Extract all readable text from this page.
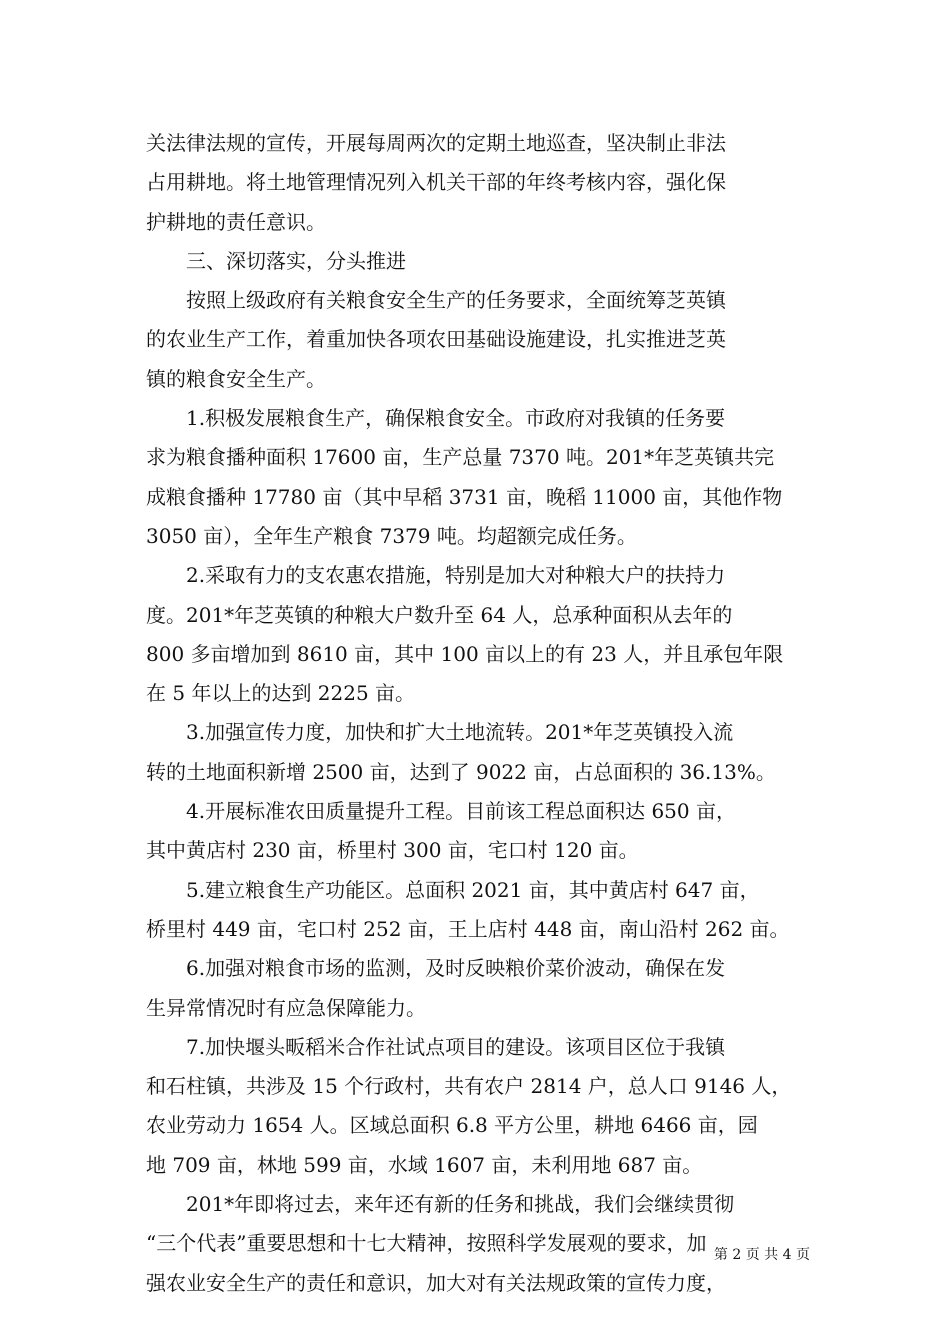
关法律法规的宣传，开展每周两次的定期土地巡查，坚决制止非法
占用耕地。将土地管理情况列入机关干部的年终考核内容，强化保
护耕地的责任意识。
三、深切落实，分头推进
按照上级政府有关粮食安全生产的任务要求，全面统筹芝英镇
的农业生产工作，着重加快各项农田基础设施建设，扎实推进芝英
镇的粮食安全生产。
1.积极发展粮食生产，确保粮食安全。市政府对我镇的任务要
求为粮食播种面积 17600 亩，生产总量 7370 吨。201*年芝英镇共完
成粮食播种 17780 亩（其中早稻 3731 亩，晚稻 11000 亩，其他作物
3050 亩），全年生产粮食 7379 吨。均超额完成任务。
2.采取有力的支农惠农措施，特别是加大对种粮大户的扶持力
度。201*年芝英镇的种粮大户数升至 64 人，总承种面积从去年的
800 多亩增加到 8610 亩，其中 100 亩以上的有 23 人，并且承包年限
在 5 年以上的达到 2225 亩。
3.加强宣传力度，加快和扩大土地流转。201*年芝英镇投入流
转的土地面积新增 2500 亩，达到了 9022 亩，占总面积的 36.13%。
4.开展标准农田质量提升工程。目前该工程总面积达 650 亩，
其中黄店村 230 亩，桥里村 300 亩，宅口村 120 亩。
5.建立粮食生产功能区。总面积 2021 亩，其中黄店村 647 亩，
桥里村 449 亩，宅口村 252 亩，王上店村 448 亩，南山沿村 262 亩。
6.加强对粮食市场的监测，及时反映粮价菜价波动，确保在发
生异常情况时有应急保障能力。
7.加快堰头畈稻米合作社试点项目的建设。该项目区位于我镇
和石柱镇，共涉及 15 个行政村，共有农户 2814 户，总人口 9146 人，
农业劳动力 1654 人。区域总面积 6.8 平方公里，耕地 6466 亩，园
地 709 亩，林地 599 亩，水域 1607 亩，未利用地 687 亩。
201*年即将过去，来年还有新的任务和挑战，我们会继续贯彻
“三个代表”重要思想和十七大精神，按照科学发展观的要求，加
强农业安全生产的责任和意识，加大对有关法规政策的宣传力度，
第 2 页 共 4 页
